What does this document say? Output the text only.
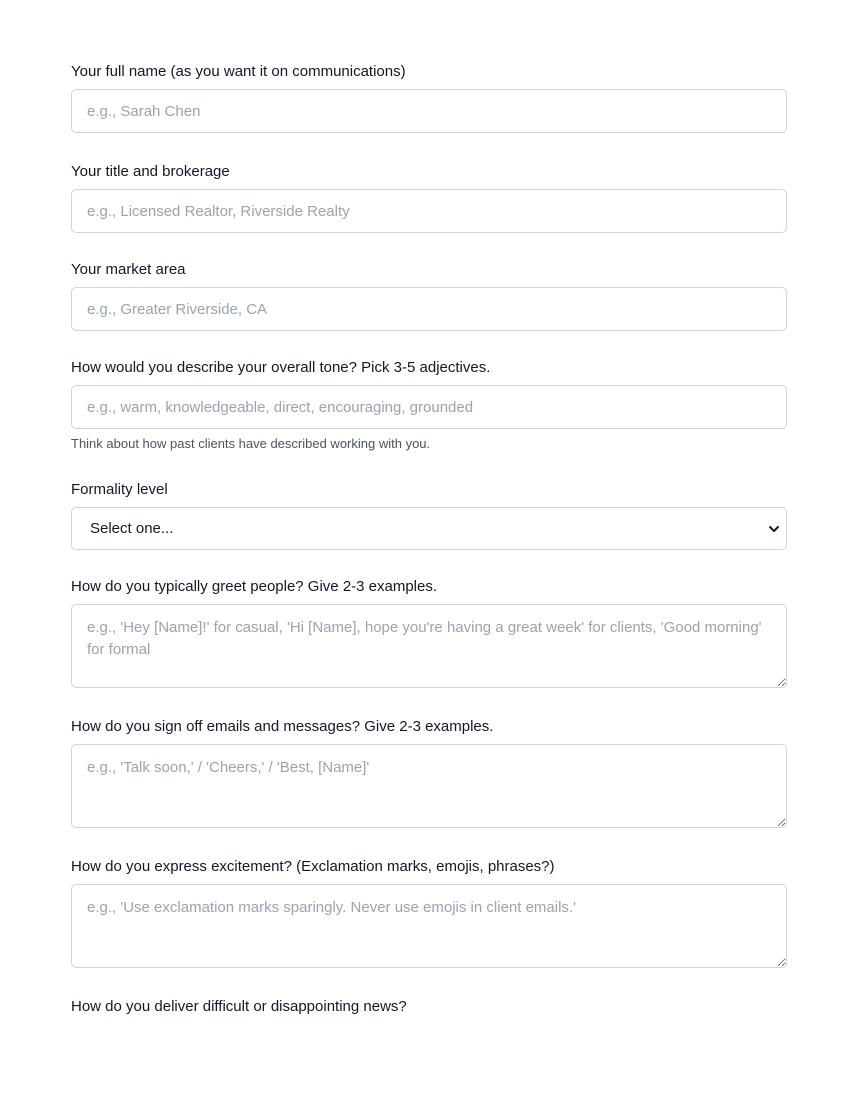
Your full name (as you want it on communications)
e.g., Sarah Chen
Your title and brokerage
e.g., Licensed Realtor, Riverside Realty
Your market area
e.g., Greater Riverside, CA
How would you describe your overall tone? Pick 3-5 adjectives.
e.g., warm, knowledgeable, direct, encouraging, grounded
Think about how past clients have described working with you.
Formality level
Select one...
How do you typically greet people? Give 2-3 examples.
e.g., 'Hey [Name]!' for casual, 'Hi [Name], hope you're having a great week' for clients, 'Good morning' for formal
How do you sign off emails and messages? Give 2-3 examples.
e.g., 'Talk soon,' / 'Cheers,' / 'Best, [Name]'
How do you express excitement? (Exclamation marks, emojis, phrases?)
e.g., 'Use exclamation marks sparingly. Never use emojis in client emails.'
How do you deliver difficult or disappointing news?
